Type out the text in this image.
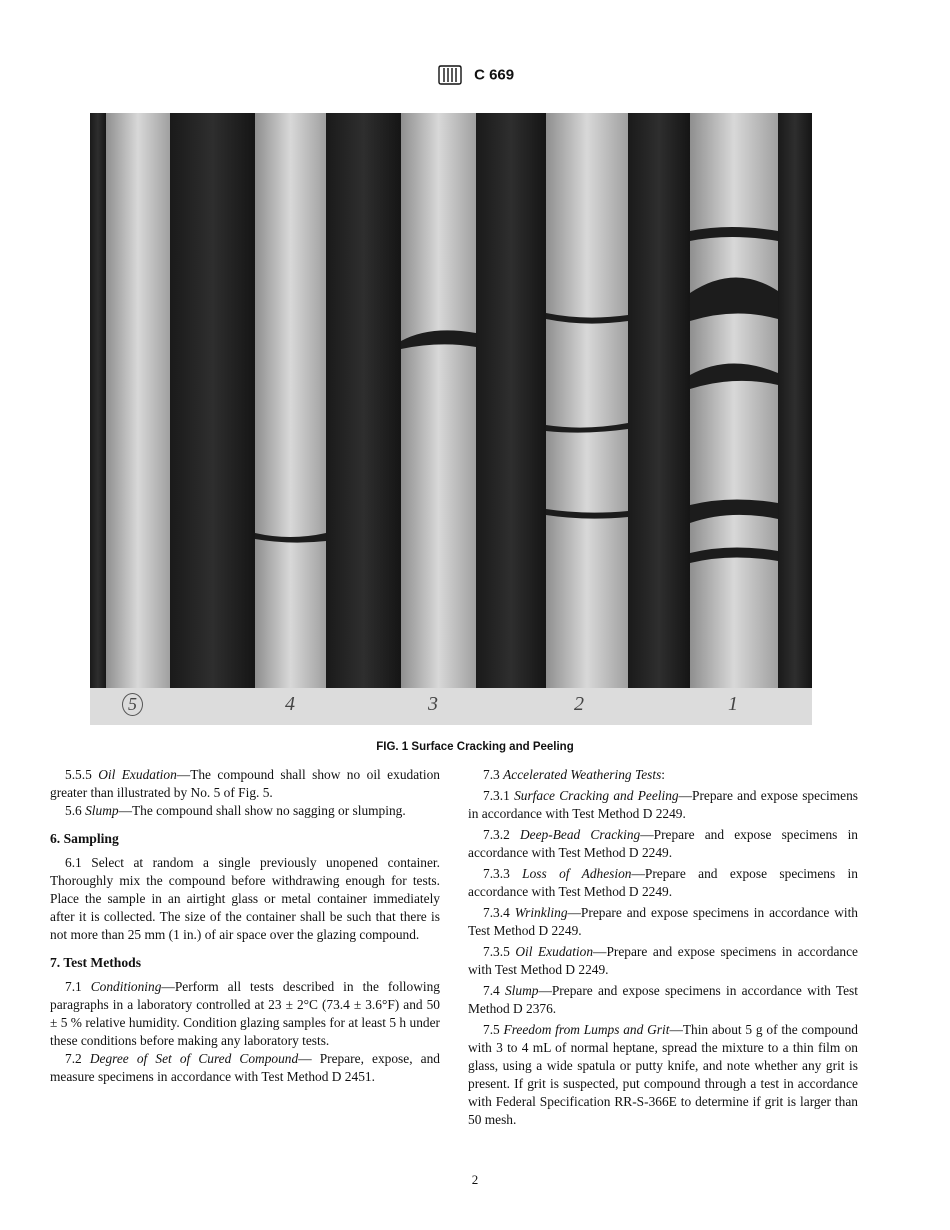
C 669
5	4	3	2	1
FIG. 1 Surface Cracking and Peeling

5.5.5 Oil Exudation—The compound shall show no oil exudation greater than illustrated by No. 5 of Fig. 5.

5.6 Slump—The compound shall show no sagging or slumping.

6. Sampling

6.1 Select at random a single previously unopened container. Thoroughly mix the compound before withdrawing enough for tests. Place the sample in an airtight glass or metal container immediately after it is collected. The size of the container shall be such that there is not more than 25 mm (1 in.) of air space over the glazing compound.

7. Test Methods

7.1 Conditioning—Perform all tests described in the following paragraphs in a laboratory controlled at 23 ± 2°C (73.4 ± 3.6°F) and 50 ± 5 % relative humidity. Condition glazing samples for at least 5 h under these conditions before making any laboratory tests.

7.2 Degree of Set of Cured Compound— Prepare, expose, and measure specimens in accordance with Test Method D 2451.

7.3 Accelerated Weathering Tests:

7.3.1 Surface Cracking and Peeling—Prepare and expose specimens in accordance with Test Method D 2249.

7.3.2 Deep-Bead Cracking—Prepare and expose specimens in accordance with Test Method D 2249.

7.3.3 Loss of Adhesion—Prepare and expose specimens in accordance with Test Method D 2249.

7.3.4 Wrinkling—Prepare and expose specimens in accordance with Test Method D 2249.

7.3.5 Oil Exudation—Prepare and expose specimens in accordance with Test Method D 2249.

7.4 Slump—Prepare and expose specimens in accordance with Test Method D 2376.

7.5 Freedom from Lumps and Grit—Thin about 5 g of the compound with 3 to 4 mL of normal heptane, spread the mixture to a thin film on glass, using a wide spatula or putty knife, and note whether any grit is present. If grit is suspected, put compound through a test in accordance with Federal Specification RR-S-366E to determine if grit is larger than 50 mesh.

2
